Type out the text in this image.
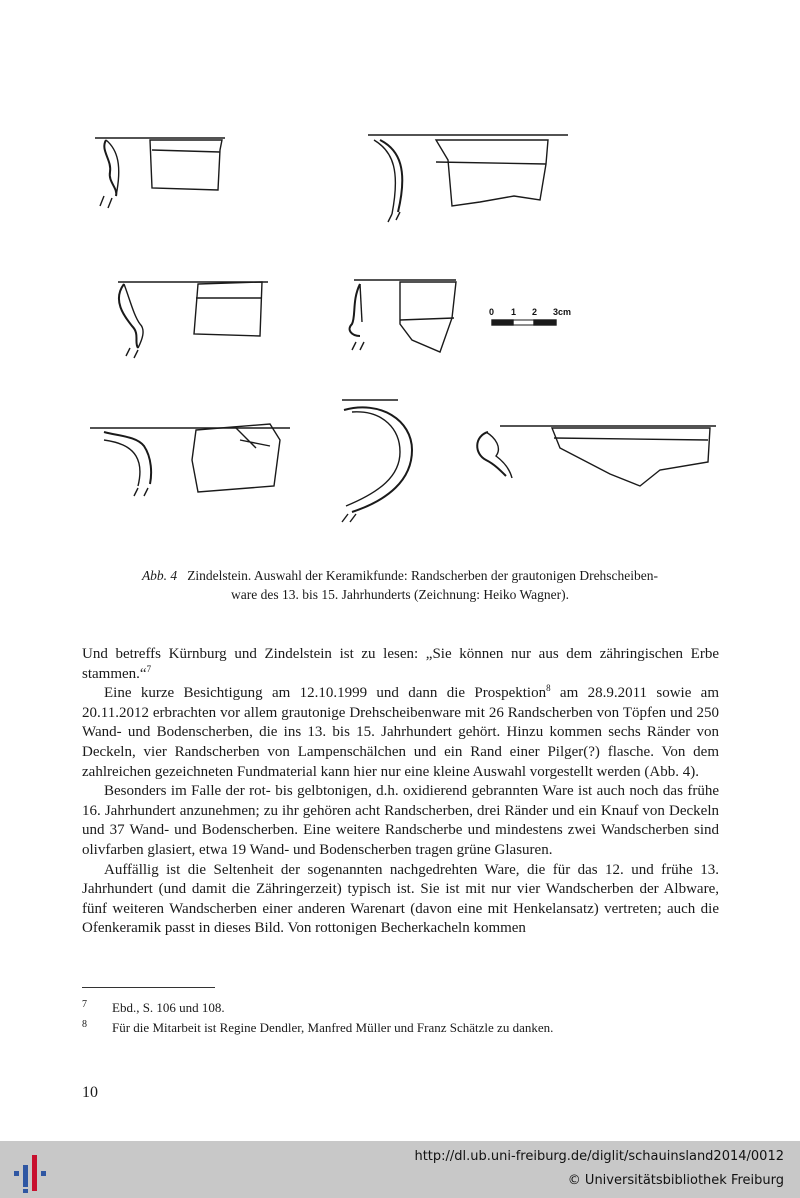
0 1 2 3cm
Abb. 4 Zindelstein. Auswahl der Keramikfunde: Randscherben der grautonigen Drehscheiben-
ware des 13. bis 15. Jahrhunderts (Zeichnung: Heiko Wagner).

Und betreffs Kürnburg und Zindelstein ist zu lesen: „Sie können nur aus dem zähringischen Erbe stammen.“$^7$

Eine kurze Besichtigung am 12.10.1999 und dann die Prospektion$^8$ am 28.9.2011 sowie am 20.11.2012 erbrachten vor allem grautonige Drehscheibenware mit 26 Randscherben von Töpfen und 250 Wand- und Bodenscherben, die ins 13. bis 15. Jahrhundert gehört. Hinzu kommen sechs Ränder von Deckeln, vier Randscherben von Lampenschälchen und ein Rand einer Pilger(?) flasche. Von dem zahlreichen gezeichneten Fundmaterial kann hier nur eine kleine Auswahl vorgestellt werden (Abb. 4).

Besonders im Falle der rot- bis gelbtonigen, d.h. oxidierend gebrannten Ware ist auch noch das frühe 16. Jahrhundert anzunehmen; zu ihr gehören acht Randscherben, drei Ränder und ein Knauf von Deckeln und 37 Wand- und Bodenscherben. Eine weitere Randscherbe und mindestens zwei Wandscherben sind olivfarben glasiert, etwa 19 Wand- und Bodenscherben tragen grüne Glasuren.

Auffällig ist die Seltenheit der sogenannten nachgedrehten Ware, die für das 12. und frühe 13. Jahrhundert (und damit die Zähringerzeit) typisch ist. Sie ist mit nur vier Wandscherben der Albware, fünf weiteren Wandscherben einer anderen Warenart (davon eine mit Henkelansatz) vertreten; auch die Ofenkeramik passt in dieses Bild. Von rottonigen Becherkacheln kommen

7 Ebd., S. 106 und 108.
8 Für die Mitarbeit ist Regine Dendler, Manfred Müller und Franz Schätzle zu danken.
10
http://dl.ub.uni-freiburg.de/diglit/schauinsland2014/0012
© Universitätsbibliothek Freiburg
